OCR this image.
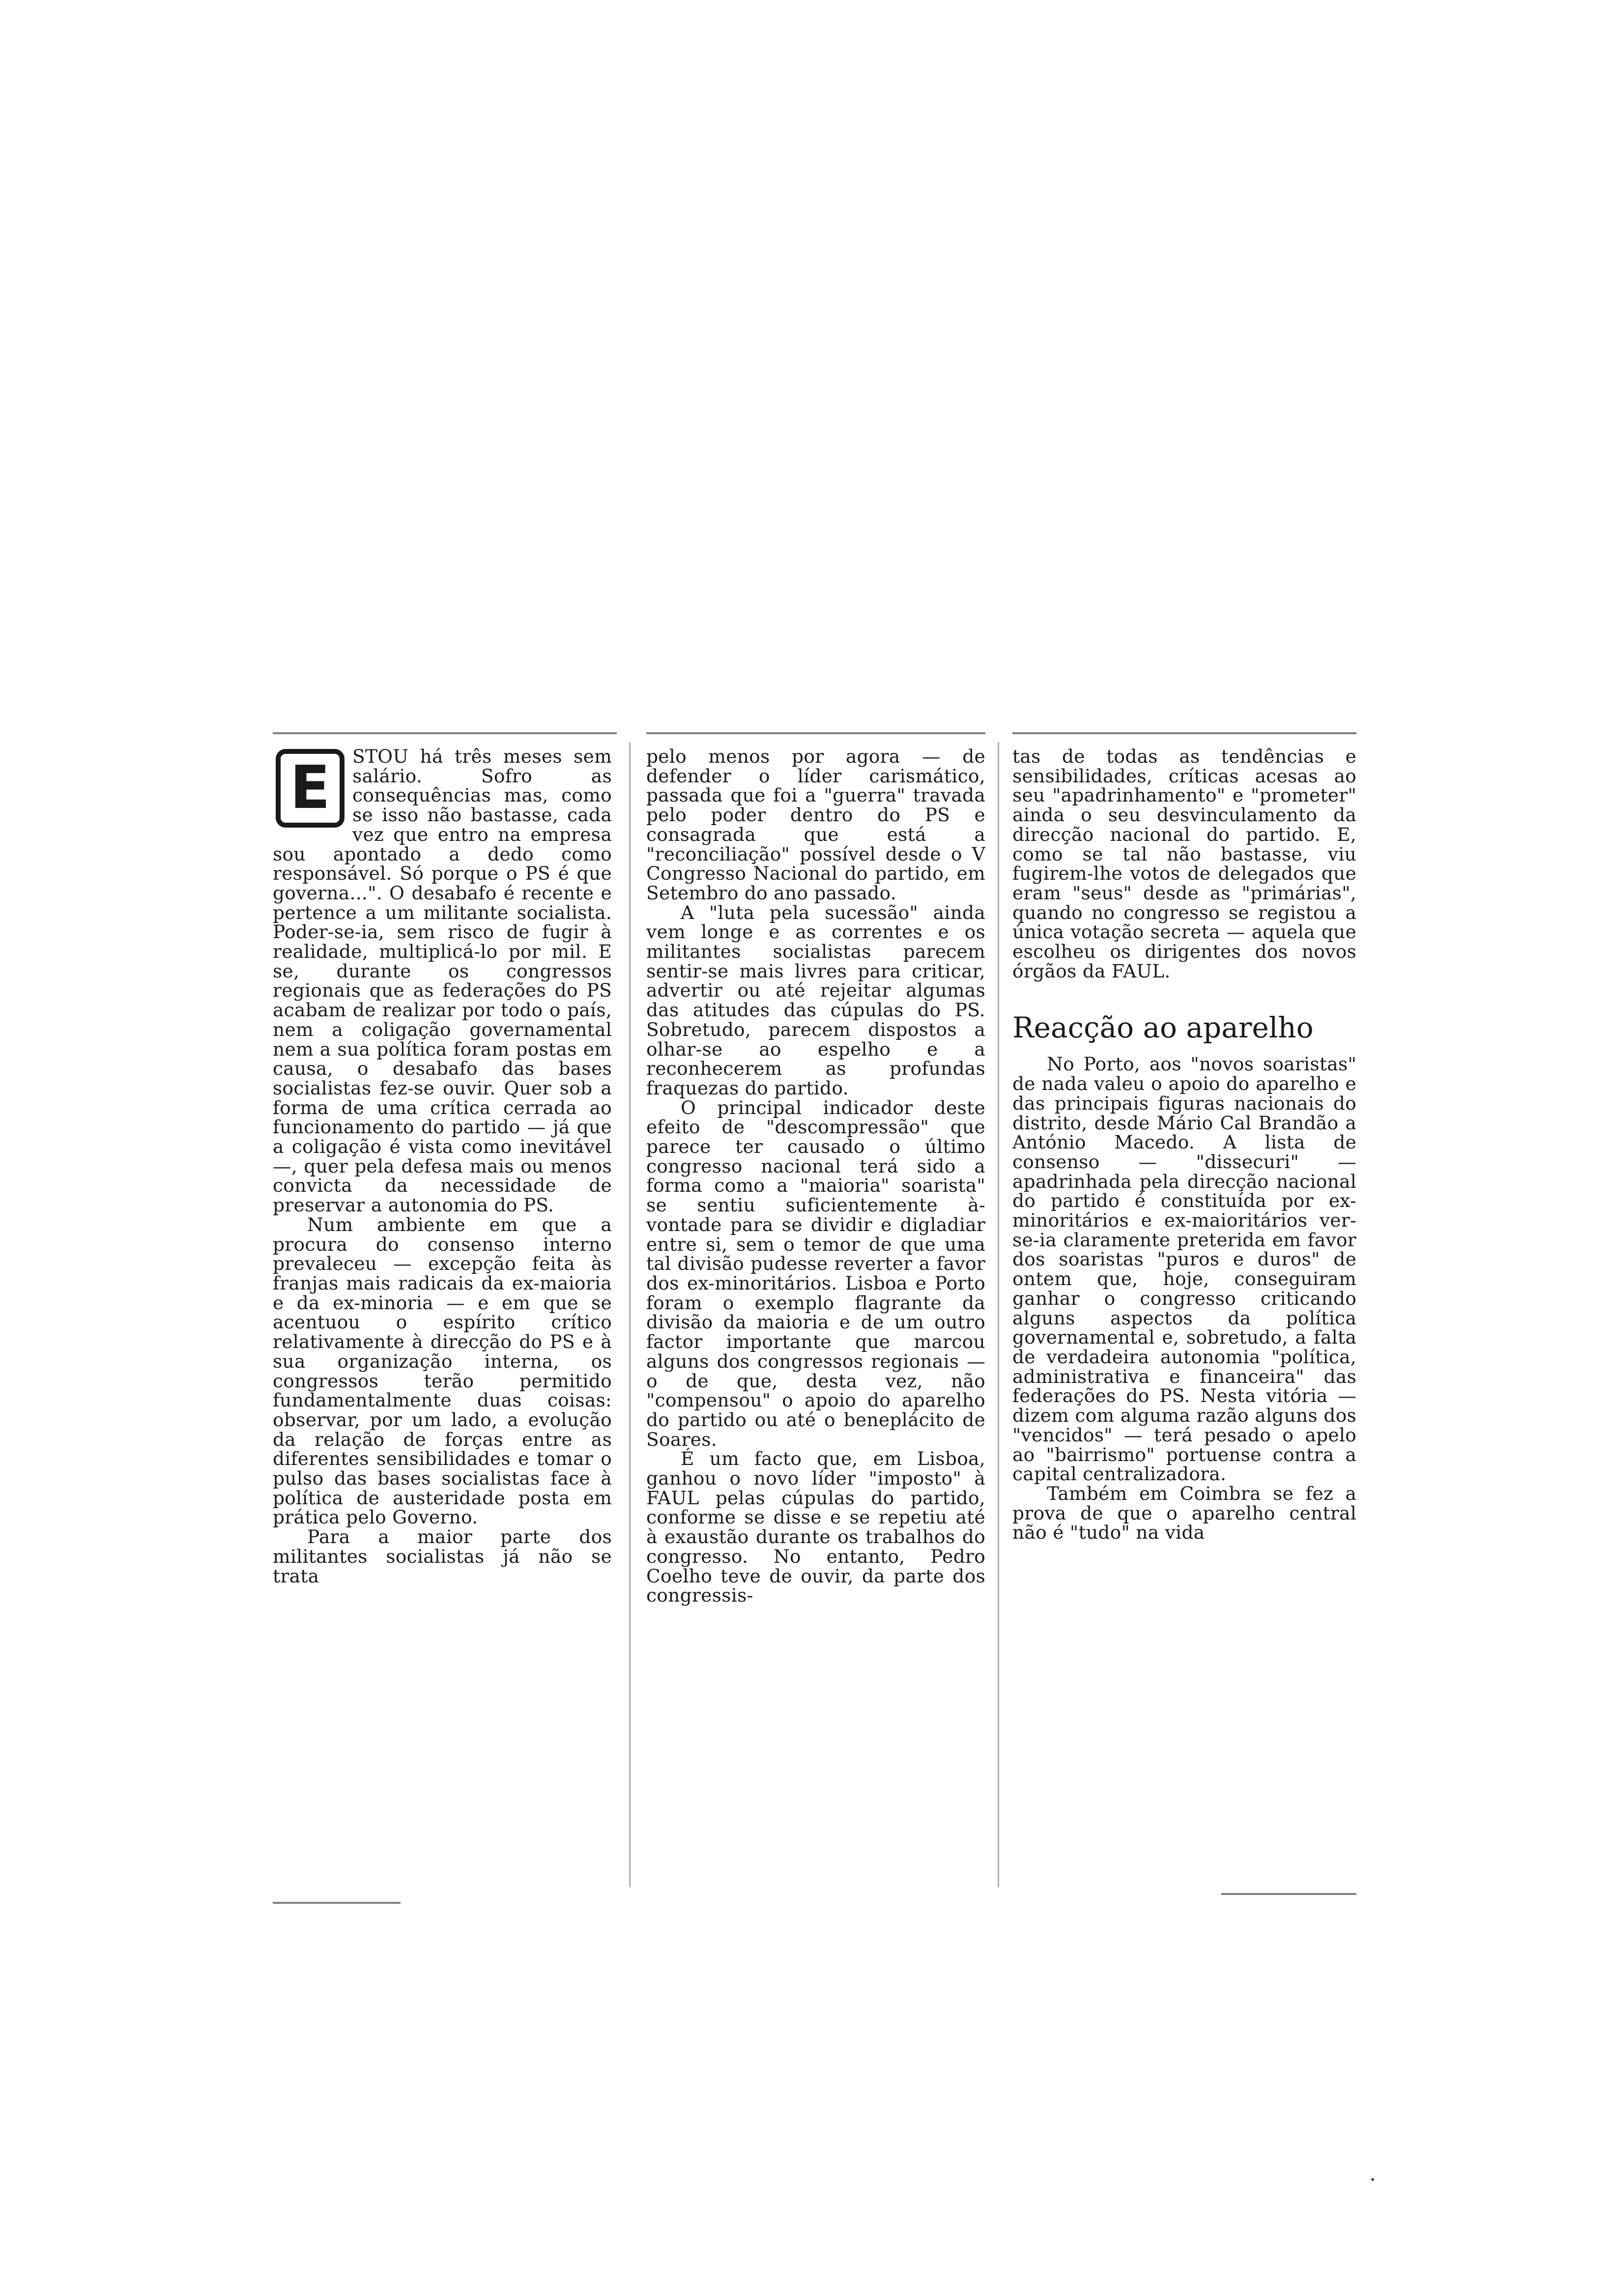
E	STOU há três meses sem salário. Sofro as consequências mas, como se isso não bastasse, cada vez que entro na empresa sou apontado a dedo como responsável. Só porque o PS é que governa...". O desabafo é recente e pertence a um militante socialista. Poder-se-ia, sem risco de fugir à realidade, multiplicá-lo por mil. E se, durante os congressos regionais que as federações do PS acabam de realizar por todo o país, nem a coligação governamental nem a sua política foram postas em causa, o desabafo das bases socialistas fez-se ouvir. Quer sob a forma de uma crítica cerrada ao funcionamento do partido — já que a coligação é vista como inevitável —, quer pela defesa mais ou menos convicta da necessidade de preservar a autonomia do PS.

Num ambiente em que a procura do consenso interno prevaleceu — excepção feita às franjas mais radicais da ex-maioria e da ex-minoria — e em que se acentuou o espírito crítico relativamente à direcção do PS e à sua organização interna, os congressos terão permitido fundamentalmente duas coisas: observar, por um lado, a evolução da relação de forças entre as diferentes sensibilidades e tomar o pulso das bases socialistas face à política de austeridade posta em prática pelo Governo.

Para a maior parte dos militantes socialistas já não se trata

pelo menos por agora — de defender o líder carismático, passada que foi a "guerra" travada pelo poder dentro do PS e consagrada que está a "reconciliação" possível desde o V Congresso Nacional do partido, em Setembro do ano passado.

A "luta pela sucessão" ainda vem longe e as correntes e os militantes socialistas parecem sentir-se mais livres para criticar, advertir ou até rejeitar algumas das atitudes das cúpulas do PS. Sobretudo, parecem dispostos a olhar-se ao espelho e a reconhecerem as profundas fraquezas do partido.

O principal indicador deste efeito de "descompressão" que parece ter causado o último congresso nacional terá sido a forma como a "maioria" soarista" se sentiu suficientemente à-vontade para se dividir e digladiar entre si, sem o temor de que uma tal divisão pudesse reverter a favor dos ex-minoritários. Lisboa e Porto foram o exemplo flagrante da divisão da maioria e de um outro factor importante que marcou alguns dos congressos regionais — o de que, desta vez, não "compensou" o apoio do aparelho do partido ou até o beneplácito de Soares.

É um facto que, em Lisboa, ganhou o novo líder "imposto" à FAUL pelas cúpulas do partido, conforme se disse e se repetiu até à exaustão durante os trabalhos do congresso. No entanto, Pedro Coelho teve de ouvir, da parte dos congressis-

tas de todas as tendências e sensibilidades, críticas acesas ao seu "apadrinhamento" e "prometer" ainda o seu desvinculamento da direcção nacional do partido. E, como se tal não bastasse, viu fugirem-lhe votos de delegados que eram "seus" desde as "primárias", quando no congresso se registou a única votação secreta — aquela que escolheu os dirigentes dos novos órgãos da FAUL.

Reacção ao aparelho

No Porto, aos "novos soaristas" de nada valeu o apoio do aparelho e das principais figuras nacionais do distrito, desde Mário Cal Brandão a António Macedo. A lista de consenso — "dissecuri" — apadrinhada pela direcção nacional do partido é constituída por ex-minoritários e ex-maioritários ver-se-ia claramente preterida em favor dos soaristas "puros e duros" de ontem que, hoje, conseguiram ganhar o congresso criticando alguns aspectos da política governamental e, sobretudo, a falta de verdadeira autonomia "política, administrativa e financeira" das federações do PS. Nesta vitória — dizem com alguma razão alguns dos "vencidos" — terá pesado o apelo ao "bairrismo" portuense contra a capital centralizadora.

Também em Coimbra se fez a prova de que o aparelho central não é "tudo" na vida
